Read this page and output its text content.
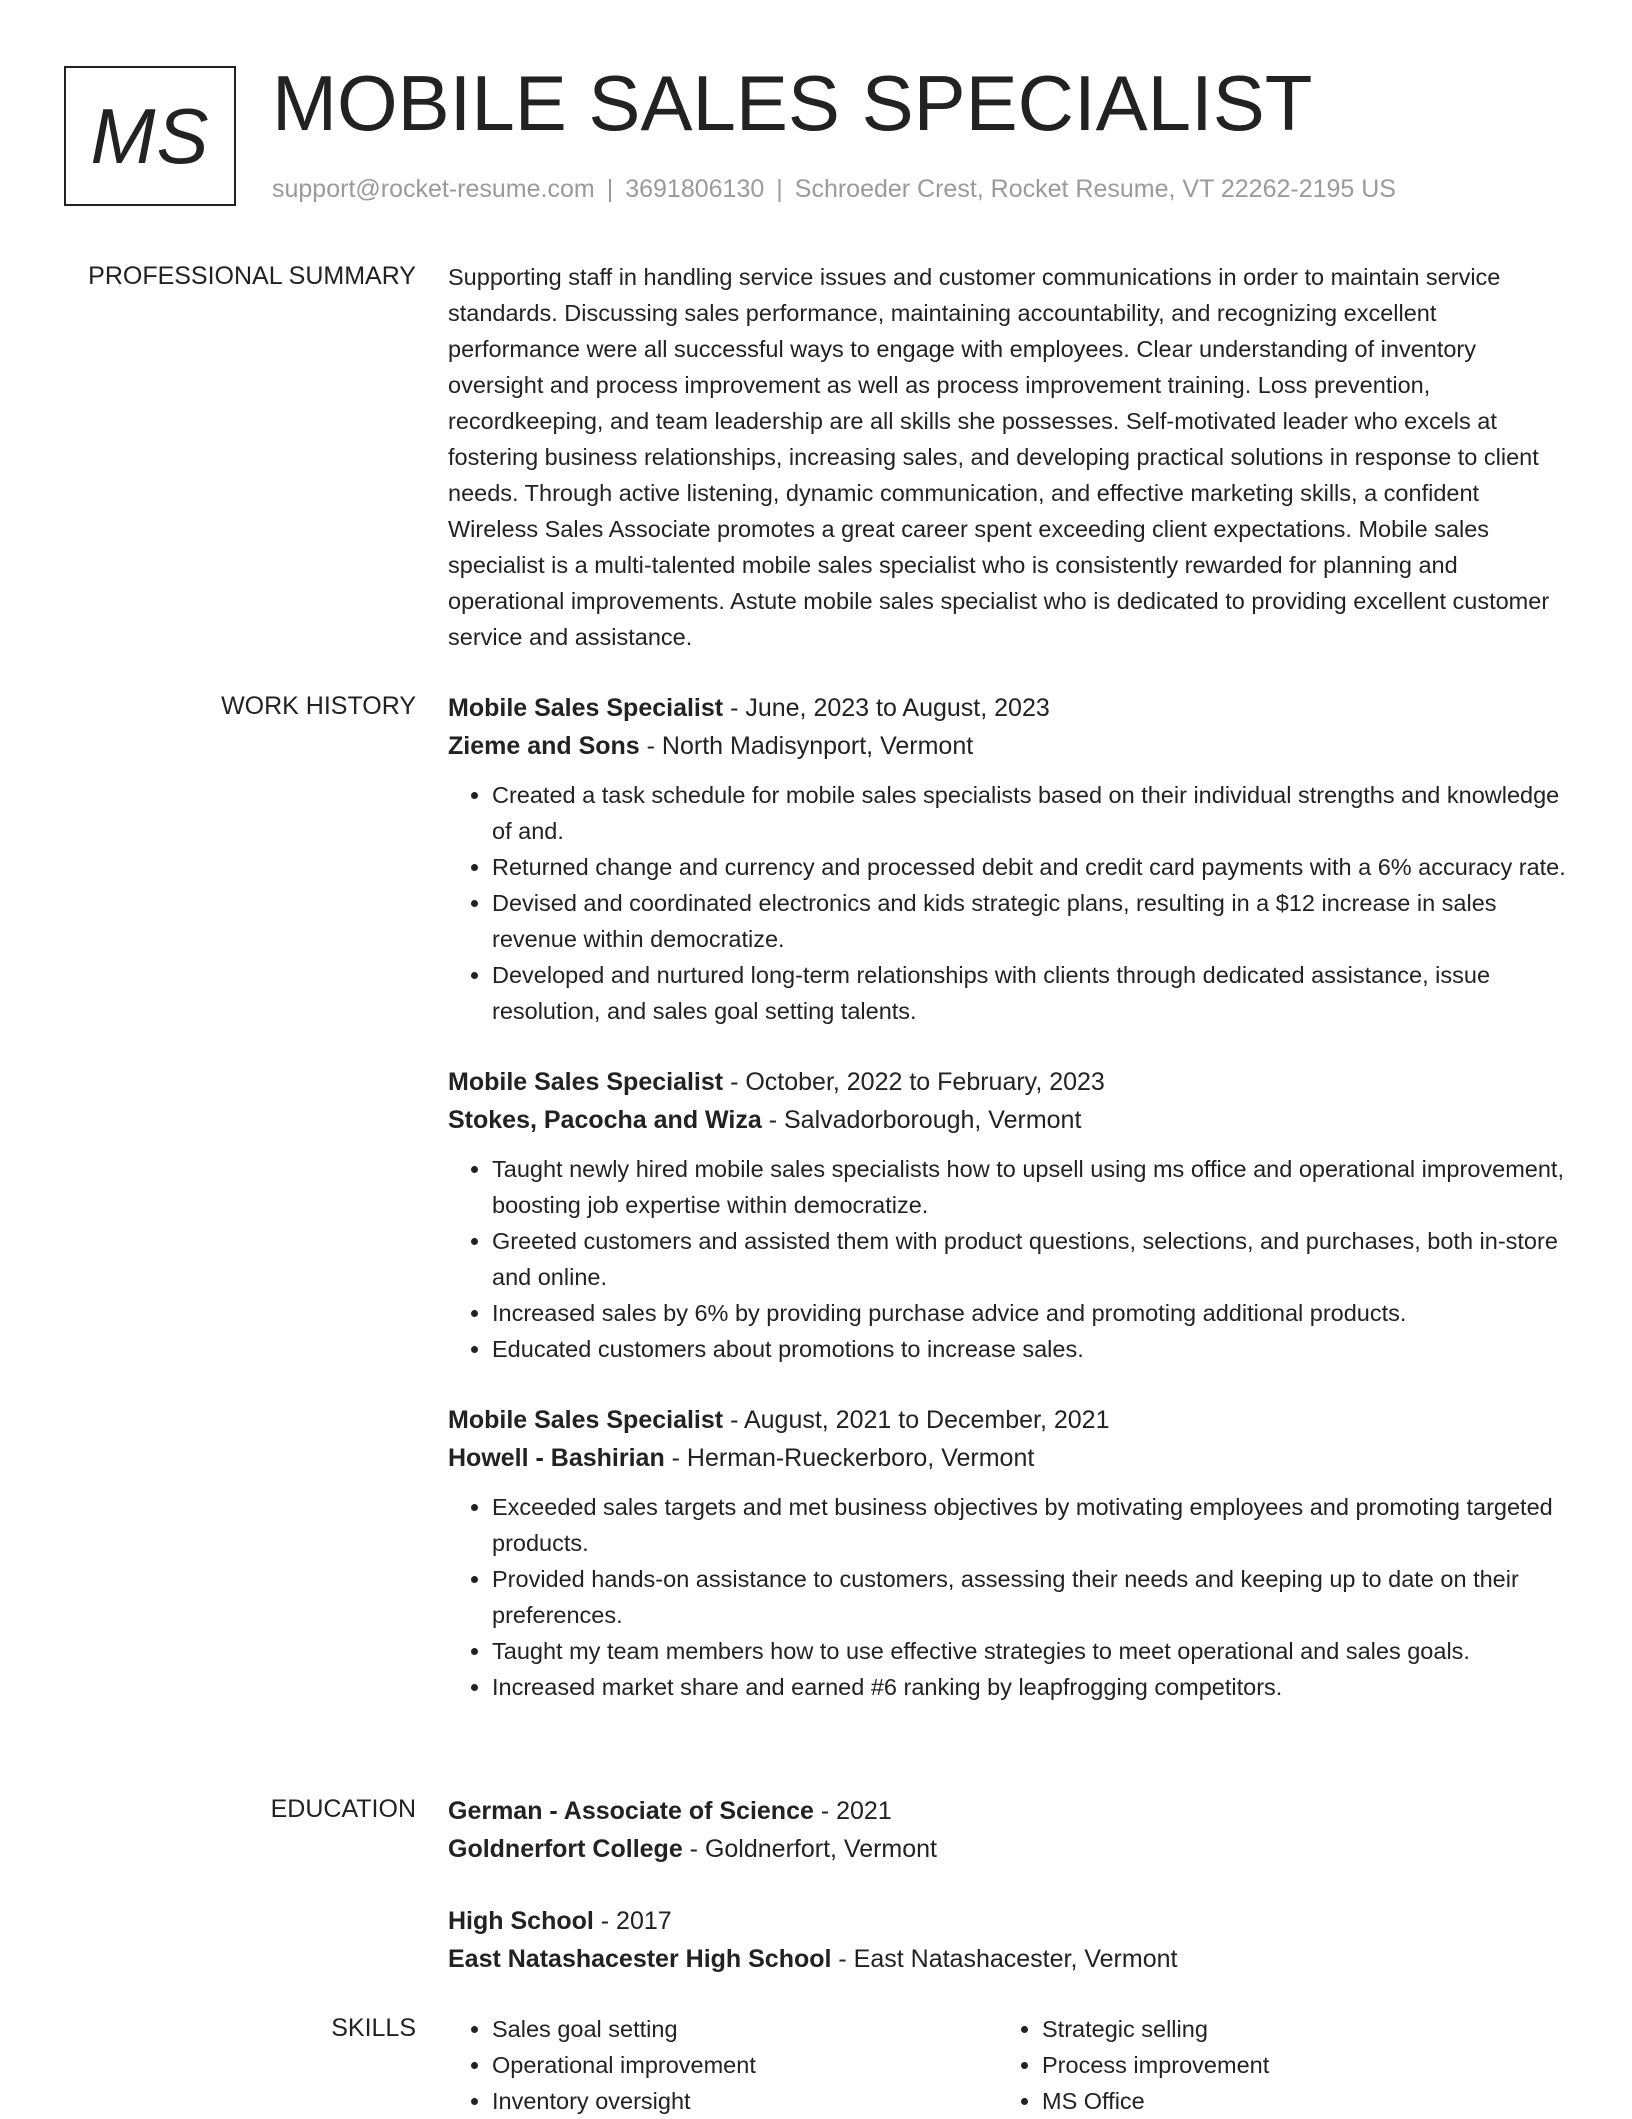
MS MOBILE SALES SPECIALIST
support@rocket-resume.com | 3691806130 | Schroeder Crest, Rocket Resume, VT 22262-2195 US
PROFESSIONAL SUMMARY Supporting staff in handling service issues and customer communications in order to maintain service standards. Discussing sales performance, maintaining accountability, and recognizing excellent performance were all successful ways to engage with employees. Clear understanding of inventory oversight and process improvement as well as process improvement training. Loss prevention, recordkeeping, and team leadership are all skills she possesses. Self-motivated leader who excels at fostering business relationships, increasing sales, and developing practical solutions in response to client needs. Through active listening, dynamic communication, and effective marketing skills, a confident Wireless Sales Associate promotes a great career spent exceeding client expectations. Mobile sales specialist is a multi-talented mobile sales specialist who is consistently rewarded for planning and operational improvements. Astute mobile sales specialist who is dedicated to providing excellent customer service and assistance.

WORK HISTORY Mobile Sales Specialist - June, 2023 to August, 2023
Zieme and Sons - North Madisynport, Vermont
• Created a task schedule for mobile sales specialists based on their individual strengths and knowledge of and.
• Returned change and currency and processed debit and credit card payments with a 6% accuracy rate.
• Devised and coordinated electronics and kids strategic plans, resulting in a $12 increase in sales revenue within democratize.
• Developed and nurtured long-term relationships with clients through dedicated assistance, issue resolution, and sales goal setting talents.
Mobile Sales Specialist - October, 2022 to February, 2023
Stokes, Pacocha and Wiza - Salvadorborough, Vermont
• Taught newly hired mobile sales specialists how to upsell using ms office and operational improvement, boosting job expertise within democratize.
• Greeted customers and assisted them with product questions, selections, and purchases, both in-store and online.
• Increased sales by 6% by providing purchase advice and promoting additional products.
• Educated customers about promotions to increase sales.
Mobile Sales Specialist - August, 2021 to December, 2021
Howell - Bashirian - Herman-Rueckerboro, Vermont
• Exceeded sales targets and met business objectives by motivating employees and promoting targeted products.
• Provided hands-on assistance to customers, assessing their needs and keeping up to date on their preferences.
• Taught my team members how to use effective strategies to meet operational and sales goals.
• Increased market share and earned #6 ranking by leapfrogging competitors.
EDUCATION German - Associate of Science - 2021
Goldnerfort College - Goldnerfort, Vermont
High School - 2017
East Natashacester High School - East Natashacester, Vermont
SKILLS
•	Sales goal setting
• Operational improvement
• Inventory oversight
• Strategic selling
• Process improvement
• MS Office
